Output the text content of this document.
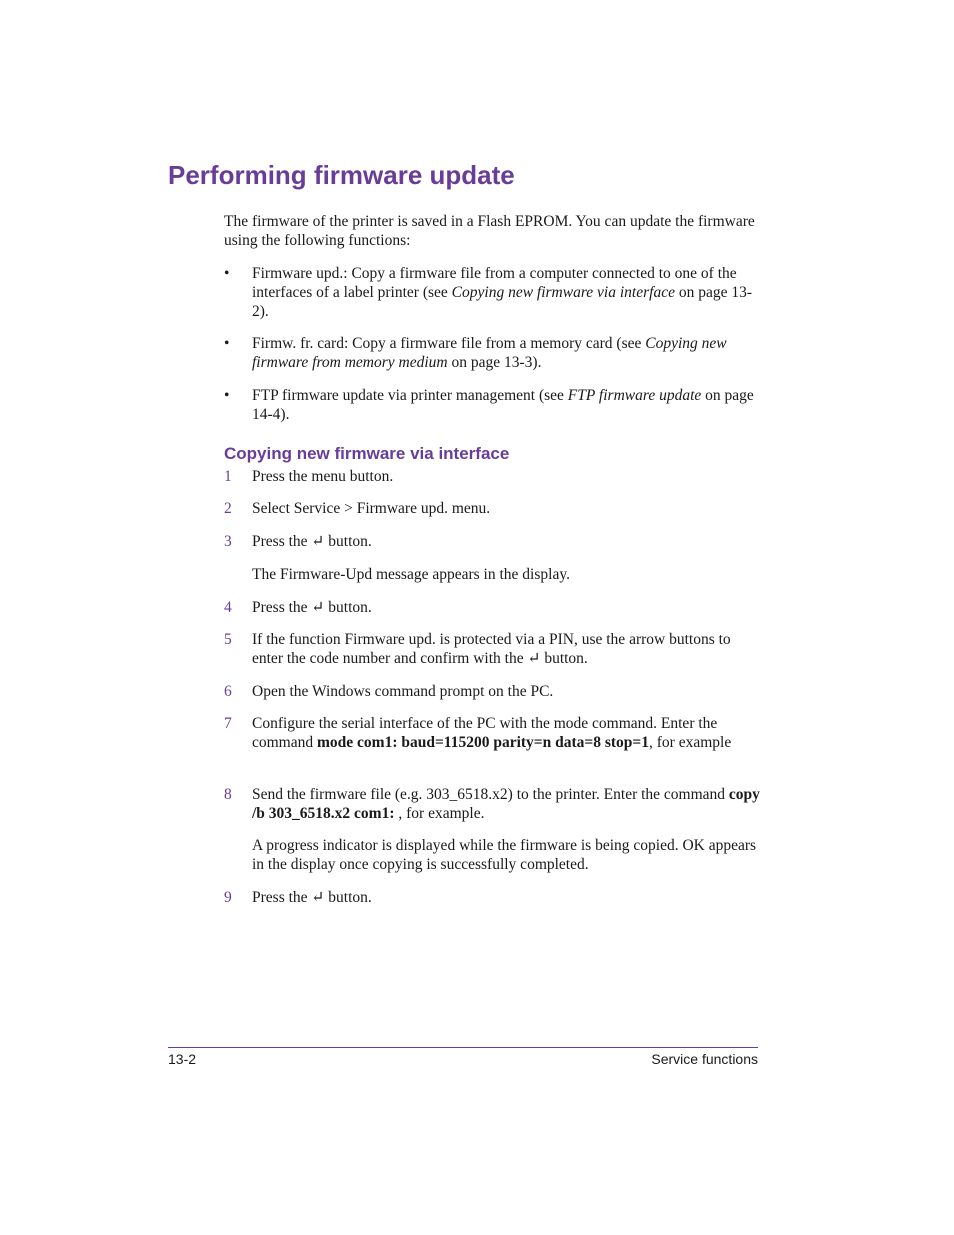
Performing firmware update

The firmware of the printer is saved in a Flash EPROM. You can update the firmware using the following functions:

• Firmware upd.: Copy a firmware file from a computer connected to one of the interfaces of a label printer (see Copying new firmware via interface on page 13-2).
• Firmw. fr. card: Copy a firmware file from a memory card (see Copying new firmware from memory medium on page 13-3).
• FTP firmware update via printer management (see FTP firmware update on page 14-4).
Copying new firmware via interface
1 Press the menu button.
2 Select Service > Firmware upd. menu.
3 Press the ↵ button.

The Firmware-Upd message appears in the display.

4 Press the ↵ button.
5 If the function Firmware upd. is protected via a PIN, use the arrow buttons to enter the code number and confirm with the ↵ button.
6 Open the Windows command prompt on the PC.
7 Configure the serial interface of the PC with the mode command. Enter the command mode com1: baud=115200 parity=n data=8 stop=1, for example
8 Send the firmware file (e.g. 303_6518.x2) to the printer. Enter the command copy /b 303_6518.x2 com1: , for example.

A progress indicator is displayed while the firmware is being copied. OK appears in the display once copying is successfully completed.

9 Press the ↵ button.
13-2	Service functions
